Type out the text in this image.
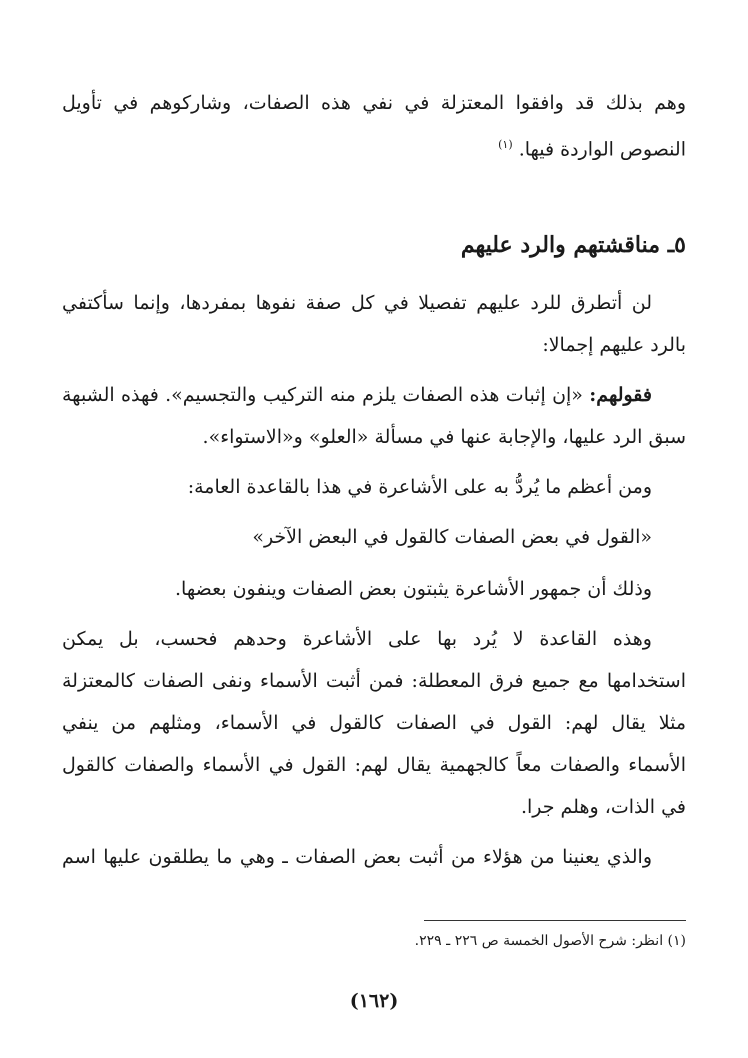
وهم بذلك قد وافقوا المعتزلة في نفي هذه الصفات، وشاركوهم في تأويل
النصوص الواردة فيها. $^{(١)}$
٥ـ مناقشتهم والرد عليهم
لن أتطرق للرد عليهم تفصيلا في كل صفة نفوها بمفردها، وإنما سأكتفي
بالرد عليهم إجمالا:
فقولهم: «إن إثبات هذه الصفات يلزم منه التركيب والتجسيم». فهذه الشبهة
سبق الرد عليها، والإجابة عنها في مسألة «العلو» و«الاستواء».
ومن أعظم ما يُردُّ به على الأشاعرة في هذا بالقاعدة العامة:
«القول في بعض الصفات كالقول في البعض الآخر»
وذلك أن جمهور الأشاعرة يثبتون بعض الصفات وينفون بعضها.
وهذه القاعدة لا يُرد بها على الأشاعرة وحدهم فحسب، بل يمكن
استخدامها مع جميع فرق المعطلة: فمن أثبت الأسماء ونفى الصفات كالمعتزلة
مثلا يقال لهم: القول في الصفات كالقول في الأسماء، ومثلهم من ينفي
الأسماء والصفات معاً كالجهمية يقال لهم: القول في الأسماء والصفات كالقول
في الذات، وهلم جرا.
والذي يعنينا من هؤلاء من أثبت بعض الصفات ـ وهي ما يطلقون عليها اسم
(١) انظر: شرح الأصول الخمسة ص ٢٢٦ ـ ٢٢٩.
(١٦٢)
